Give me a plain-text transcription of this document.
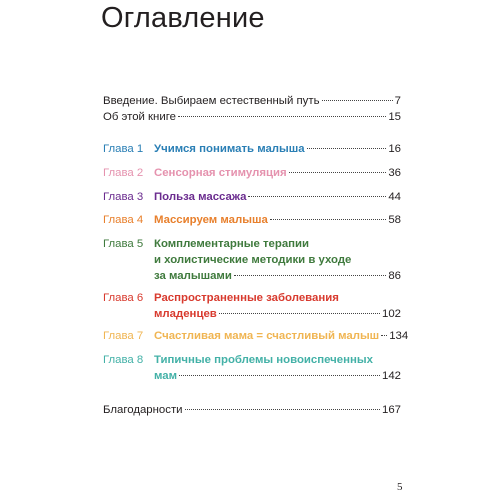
Оглавление
Введение. Выбираем естественный путь	7
Об этой книге	15
Глава 1 Учимся понимать малыша	16
Глава 2 Сенсорная стимуляция	36
Глава 3 Польза массажа	44
Глава 4 Массируем малыша	58
Глава 5 Комплементарные терапии
и холистические методики в уходе
за малышами	86
Глава 6 Распространенные заболевания
младенцев	102
Глава 7 Счастливая мама = счастливый малыш 134
Глава 8 Типичные проблемы новоиспеченных
мам	142
Благодарности	167
5
